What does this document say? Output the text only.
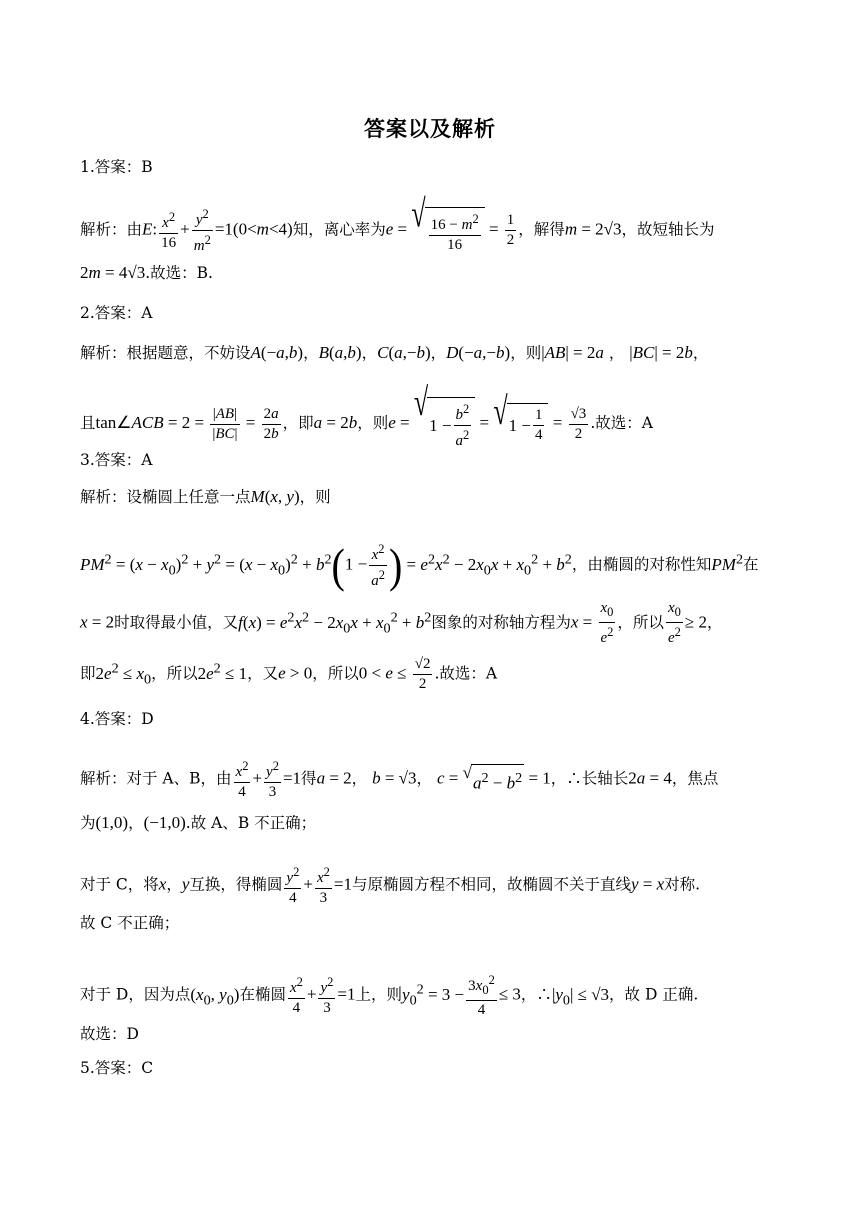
答案以及解析
1.答案：B
解析：由E: $\frac{x^2}{16} + \frac{y^2}{m^2} =1(0<m<4)$知，离心率为e = √ $\frac{16 - m^2}{16} = \frac{1}{2}$ ，解得m = 2√3，故短轴长为
2m = 4√3.故选：B.
2.答案：A
解析：根据题意，不妨设A(−a,b)，B(a,b)，C(a,−b)，D(−a,−b)，则|AB| = 2a ， |BC| = 2b，
且tan∠ACB = $2 = \frac{|AB|}{|BC|} = \frac{2a}{2b}$ ，即a = 2b，则e = √
$1 - \frac{b^2}{a^2}$ = √ $1 - \frac{1}{4} = \frac{√3}{2}$ .故选：A
3.答案：A
解析：设椭圆上任意一点M(x, y)，则
$PM^2 = (x - x_0)^2 + y^2 = (x - x_0)^2 + b^2(1 - \frac{x^2}{a^2}$ ) = $e^2x^2 - 2x_0x + x_0^2 + b^2$，由椭圆的对称性知$PM^2$在
x = 2时取得最小值，又$f(x) = e^2x^2 - 2x_0x + x_0^2 + b^2$图象的对称轴方程为$x = \frac{x_0}{e^2}$ ，所以 $\frac{x_0}{e^2} \ge 2$，
即$2e^2 \le x_0$，所以$2e^2 \le 1$，又e > 0，所以$0 < e \le \frac{√2}{2}$ .故选：A
4.答案：D
解析：对于 A、B，由 $\frac{x^2}{4} + \frac{y^2}{3} =1$得a = 2， b = √3， c = √
$a^2 - b^2 = 1$，∴长轴长2a = 4，焦点
为(1,0)，(−1,0).故 A、B 不正确；
对于 C，将x，y互换，得椭圆 $\frac{y^2}{4} + \frac{x^2}{3} =1$与原椭圆方程不相同，故椭圆不关于直线y = x对称.
故 C 不正确；
对于 D，因为点($x_0$, $y_0$)在椭圆 $\frac{x^2}{4} + \frac{y^2}{3} =1$上，则$y_0^2 = 3 - \frac{3x_0^2}{4} \le 3$，$\therefore|y_0| \le √3$，故 D 正确.
故选：D
5.答案：C
